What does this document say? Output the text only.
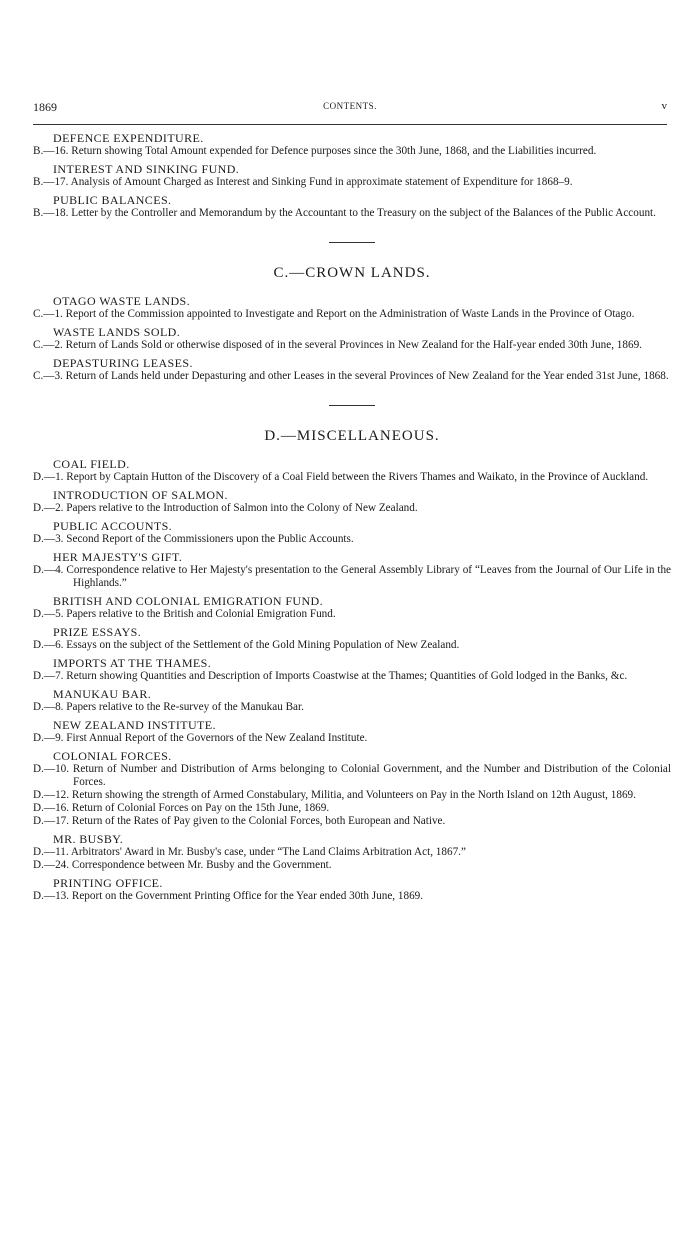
1869	CONTENTS.	v
DEFENCE EXPENDITURE.
B.—16. Return showing Total Amount expended for Defence purposes since the 30th June, 1868, and the Liabilities incurred.
INTEREST AND SINKING FUND.
B.—17. Analysis of Amount Charged as Interest and Sinking Fund in approximate statement of Expenditure for 1868–9.
PUBLIC BALANCES.
B.—18. Letter by the Controller and Memorandum by the Accountant to the Treasury on the subject of the Balances of the Public Account.
C.—CROWN LANDS.
OTAGO WASTE LANDS.
C.—1. Report of the Commission appointed to Investigate and Report on the Administration of Waste Lands in the Province of Otago.
WASTE LANDS SOLD.
C.—2. Return of Lands Sold or otherwise disposed of in the several Provinces in New Zealand for the Half-year ended 30th June, 1869.
DEPASTURING LEASES.
C.—3. Return of Lands held under Depasturing and other Leases in the several Provinces of New Zealand for the Year ended 31st June, 1868.
D.—MISCELLANEOUS.
COAL FIELD.
D.—1. Report by Captain Hutton of the Discovery of a Coal Field between the Rivers Thames and Waikato, in the Province of Auckland.
INTRODUCTION OF SALMON.
D.—2. Papers relative to the Introduction of Salmon into the Colony of New Zealand.
PUBLIC ACCOUNTS.
D.—3. Second Report of the Commissioners upon the Public Accounts.
HER MAJESTY'S GIFT.
D.—4. Correspondence relative to Her Majesty's presentation to the General Assembly Library of “Leaves from the Journal of Our Life in the Highlands.”
BRITISH AND COLONIAL EMIGRATION FUND.
D.—5. Papers relative to the British and Colonial Emigration Fund.
PRIZE ESSAYS.
D.—6. Essays on the subject of the Settlement of the Gold Mining Population of New Zealand.
IMPORTS AT THE THAMES.
D.—7. Return showing Quantities and Description of Imports Coastwise at the Thames; Quantities of Gold lodged in the Banks, &c.
MANUKAU BAR.
D.—8. Papers relative to the Re-survey of the Manukau Bar.
NEW ZEALAND INSTITUTE.
D.—9. First Annual Report of the Governors of the New Zealand Institute.
COLONIAL FORCES.
D.—10. Return of Number and Distribution of Arms belonging to Colonial Government, and the Number and Distribution of the Colonial Forces.
D.—12. Return showing the strength of Armed Constabulary, Militia, and Volunteers on Pay in the North Island on 12th August, 1869.
D.—16. Return of Colonial Forces on Pay on the 15th June, 1869.
D.—17. Return of the Rates of Pay given to the Colonial Forces, both European and Native.
MR. BUSBY.
D.—11. Arbitrators' Award in Mr. Busby's case, under “The Land Claims Arbitration Act, 1867.”
D.—24. Correspondence between Mr. Busby and the Government.
PRINTING OFFICE.
D.—13. Report on the Government Printing Office for the Year ended 30th June, 1869.
